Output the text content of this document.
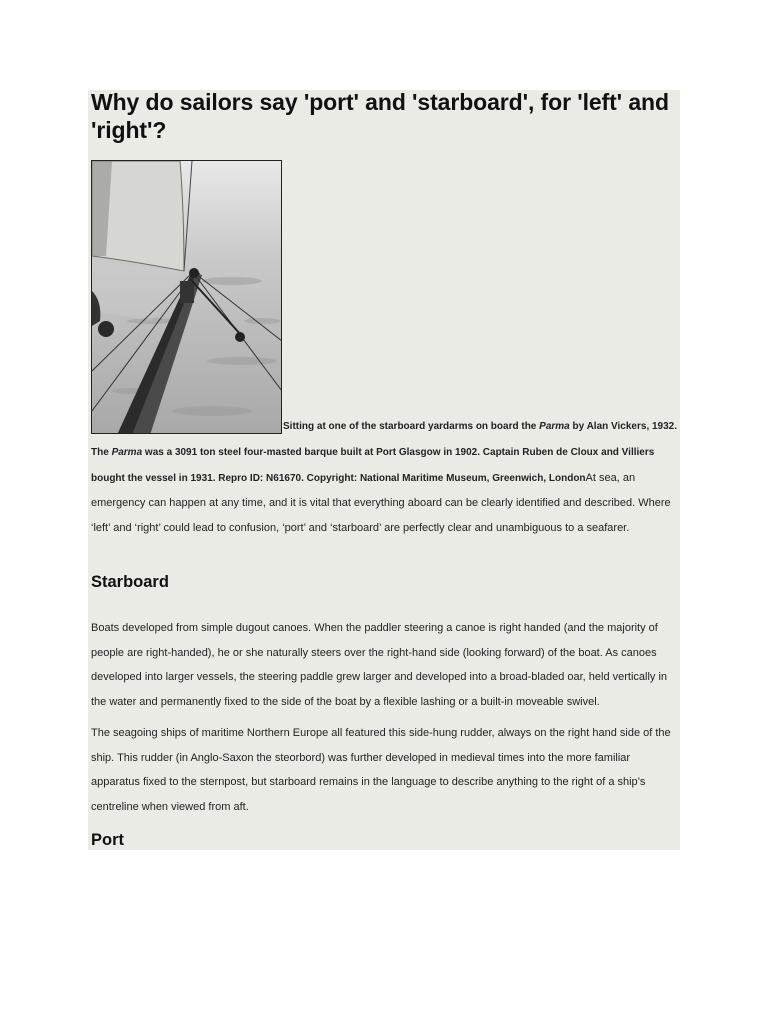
Why do sailors say 'port' and 'starboard', for 'left' and 'right'?
Sitting at one of the starboard yardarms on board the Parma by Alan Vickers, 1932.

The Parma was a 3091 ton steel four-masted barque built at Port Glasgow in 1902. Captain Ruben de Cloux and Villiers bought the vessel in 1931. Repro ID: N61670. Copyright: National Maritime Museum, Greenwich, LondonAt sea, an emergency can happen at any time, and it is vital that everything aboard can be clearly identified and described. Where ‘left’ and ‘right’ could lead to confusion, ‘port’ and ‘starboard’ are perfectly clear and unambiguous to a seafarer.

Starboard

Boats developed from simple dugout canoes. When the paddler steering a canoe is right handed (and the majority of people are right-handed), he or she naturally steers over the right-hand side (looking forward) of the boat. As canoes developed into larger vessels, the steering paddle grew larger and developed into a broad-bladed oar, held vertically in the water and permanently fixed to the side of the boat by a flexible lashing or a built-in moveable swivel.

The seagoing ships of maritime Northern Europe all featured this side-hung rudder, always on the right hand side of the ship. This rudder (in Anglo-Saxon the steorbord) was further developed in medieval times into the more familiar apparatus fixed to the sternpost, but starboard remains in the language to describe anything to the right of a ship’s centreline when viewed from aft.

Port
